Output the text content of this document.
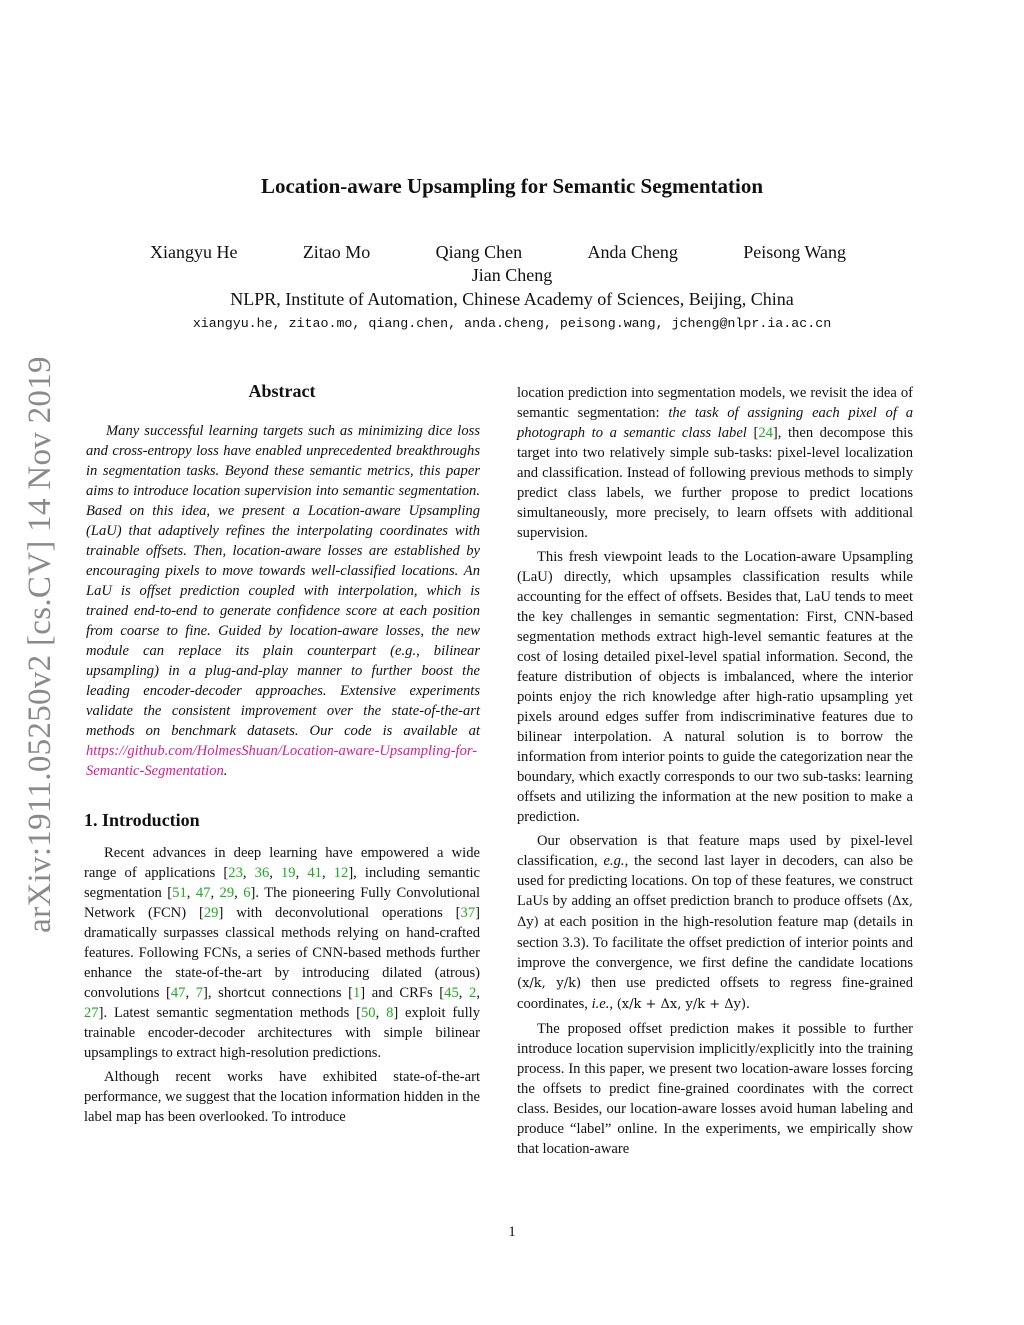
arXiv:1911.05250v2 [cs.CV] 14 Nov 2019
Location-aware Upsampling for Semantic Segmentation
Xiangyu He	Zitao Mo	Qiang Chen	Anda Cheng	Peisong Wang
Jian Cheng
NLPR, Institute of Automation, Chinese Academy of Sciences, Beijing, China
xiangyu.he, zitao.mo, qiang.chen, anda.cheng, peisong.wang, jcheng@nlpr.ia.ac.cn
Abstract

Many successful learning targets such as minimizing dice loss and cross-entropy loss have enabled unprecedented breakthroughs in segmentation tasks. Beyond these semantic metrics, this paper aims to introduce location supervision into semantic segmentation. Based on this idea, we present a Location-aware Upsampling (LaU) that adaptively refines the interpolating coordinates with trainable offsets. Then, location-aware losses are established by encouraging pixels to move towards well-classified locations. An LaU is offset prediction coupled with interpolation, which is trained end-to-end to generate confidence score at each position from coarse to fine. Guided by location-aware losses, the new module can replace its plain counterpart (e.g., bilinear upsampling) in a plug-and-play manner to further boost the leading encoder-decoder approaches. Extensive experiments validate the consistent improvement over the state-of-the-art methods on benchmark datasets. Our code is available at https://github.com/HolmesShuan/Location-aware-Upsampling-for-Semantic-Segmentation.

1. Introduction

Recent advances in deep learning have empowered a wide range of applications [23, 36, 19, 41, 12], including semantic segmentation [51, 47, 29, 6]. The pioneering Fully Convolutional Network (FCN) [29] with deconvolutional operations [37] dramatically surpasses classical methods relying on hand-crafted features. Following FCNs, a series of CNN-based methods further enhance the state-of-the-art by introducing dilated (atrous) convolutions [47, 7], shortcut connections [1] and CRFs [45, 2, 27]. Latest semantic segmentation methods [50, 8] exploit fully trainable encoder-decoder architectures with simple bilinear upsamplings to extract high-resolution predictions.

Although recent works have exhibited state-of-the-art performance, we suggest that the location information hidden in the label map has been overlooked. To introduce

location prediction into segmentation models, we revisit the idea of semantic segmentation: the task of assigning each pixel of a photograph to a semantic class label [24], then decompose this target into two relatively simple sub-tasks: pixel-level localization and classification. Instead of following previous methods to simply predict class labels, we further propose to predict locations simultaneously, more precisely, to learn offsets with additional supervision.

This fresh viewpoint leads to the Location-aware Upsampling (LaU) directly, which upsamples classification results while accounting for the effect of offsets. Besides that, LaU tends to meet the key challenges in semantic segmentation: First, CNN-based segmentation methods extract high-level semantic features at the cost of losing detailed pixel-level spatial information. Second, the feature distribution of objects is imbalanced, where the interior points enjoy the rich knowledge after high-ratio upsampling yet pixels around edges suffer from indiscriminative features due to bilinear interpolation. A natural solution is to borrow the information from interior points to guide the categorization near the boundary, which exactly corresponds to our two sub-tasks: learning offsets and utilizing the information at the new position to make a prediction.

Our observation is that feature maps used by pixel-level classification, e.g., the second last layer in decoders, can also be used for predicting locations. On top of these features, we construct LaUs by adding an offset prediction branch to produce offsets (Δx, Δy) at each position in the high-resolution feature map (details in section 3.3). To facilitate the offset prediction of interior points and improve the convergence, we first define the candidate locations (x/k, y/k) then use predicted offsets to regress fine-grained coordinates, i.e., (x/k + Δx, y/k + Δy).

The proposed offset prediction makes it possible to further introduce location supervision implicitly/explicitly into the training process. In this paper, we present two location-aware losses forcing the offsets to predict fine-grained coordinates with the correct class. Besides, our location-aware losses avoid human labeling and produce “label” online. In the experiments, we empirically show that location-aware

1
